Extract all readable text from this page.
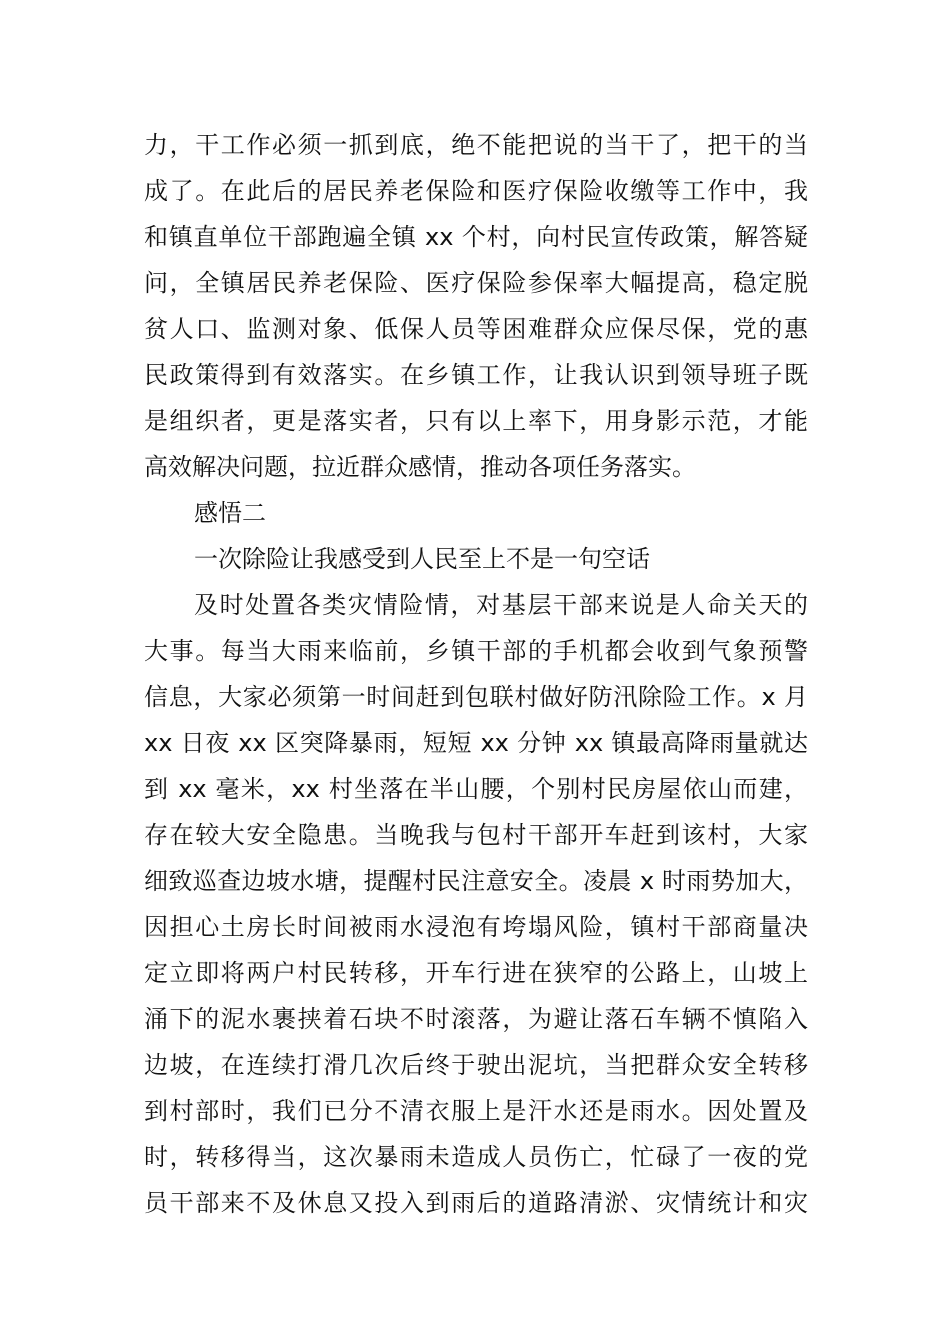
力，干工作必须一抓到底，绝不能把说的当干了，把干的当
成了。在此后的居民养老保险和医疗保险收缴等工作中，我
和镇直单位干部跑遍全镇 xx 个村，向村民宣传政策，解答疑
问，全镇居民养老保险、医疗保险参保率大幅提高，稳定脱
贫人口、监测对象、低保人员等困难群众应保尽保，党的惠
民政策得到有效落实。在乡镇工作，让我认识到领导班子既
是组织者，更是落实者，只有以上率下，用身影示范，才能
高效解决问题，拉近群众感情，推动各项任务落实。
感悟二
一次除险让我感受到人民至上不是一句空话
及时处置各类灾情险情，对基层干部来说是人命关天的
大事。每当大雨来临前，乡镇干部的手机都会收到气象预警
信息，大家必须第一时间赶到包联村做好防汛除险工作。x 月
xx 日夜 xx 区突降暴雨，短短 xx 分钟 xx 镇最高降雨量就达
到 xx 毫米，xx 村坐落在半山腰，个别村民房屋依山而建，
存在较大安全隐患。当晚我与包村干部开车赶到该村，大家
细致巡查边坡水塘，提醒村民注意安全。凌晨 x 时雨势加大，
因担心土房长时间被雨水浸泡有垮塌风险，镇村干部商量决
定立即将两户村民转移，开车行进在狭窄的公路上，山坡上
涌下的泥水裹挟着石块不时滚落，为避让落石车辆不慎陷入
边坡，在连续打滑几次后终于驶出泥坑，当把群众安全转移
到村部时，我们已分不清衣服上是汗水还是雨水。因处置及
时，转移得当，这次暴雨未造成人员伤亡，忙碌了一夜的党
员干部来不及休息又投入到雨后的道路清淤、灾情统计和灾
